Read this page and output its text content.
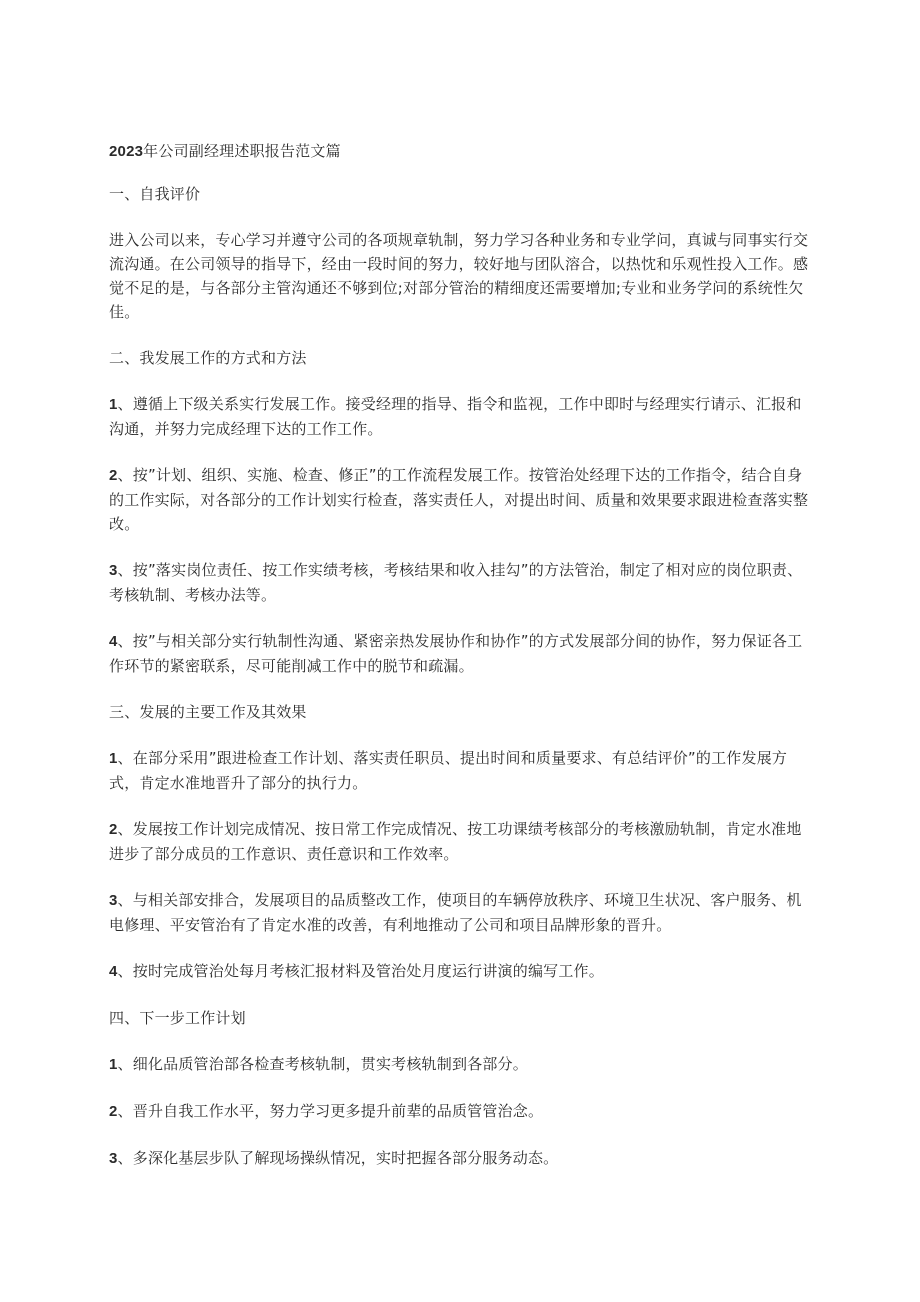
2023年公司副经理述职报告范文篇
一、自我评价
进入公司以来，专心学习并遵守公司的各项规章轨制，努力学习各种业务和专业学问，真诚与同事实行交流沟通。在公司领导的指导下，经由一段时间的努力，较好地与团队溶合，以热忱和乐观性投入工作。感觉不足的是，与各部分主管沟通还不够到位;对部分管治的精细度还需要增加;专业和业务学问的系统性欠佳。
二、我发展工作的方式和方法
1、遵循上下级关系实行发展工作。接受经理的指导、指令和监视，工作中即时与经理实行请示、汇报和沟通，并努力完成经理下达的工作工作。
2、按”计划、组织、实施、检查、修正”的工作流程发展工作。按管治处经理下达的工作指令，结合自身的工作实际，对各部分的工作计划实行检查，落实责任人，对提出时间、质量和效果要求跟进检查落实整改。
3、按”落实岗位责任、按工作实绩考核，考核结果和收入挂勾”的方法管治，制定了相对应的岗位职责、考核轨制、考核办法等。
4、按”与相关部分实行轨制性沟通、紧密亲热发展协作和协作”的方式发展部分间的协作，努力保证各工作环节的紧密联系，尽可能削减工作中的脱节和疏漏。
三、发展的主要工作及其效果
1、在部分采用”跟进检查工作计划、落实责任职员、提出时间和质量要求、有总结评价”的工作发展方式，肯定水准地晋升了部分的执行力。
2、发展按工作计划完成情况、按日常工作完成情况、按工功课绩考核部分的考核激励轨制，肯定水准地进步了部分成员的工作意识、责任意识和工作效率。
3、与相关部安排合，发展项目的品质整改工作，使项目的车辆停放秩序、环境卫生状况、客户服务、机电修理、平安管治有了肯定水准的改善，有利地推动了公司和项目品牌形象的晋升。
4、按时完成管治处每月考核汇报材料及管治处月度运行讲演的编写工作。
四、下一步工作计划
1、细化品质管治部各检查考核轨制，贯实考核轨制到各部分。
2、晋升自我工作水平，努力学习更多提升前辈的品质管管治念。
3、多深化基层步队了解现场操纵情况，实时把握各部分服务动态。
